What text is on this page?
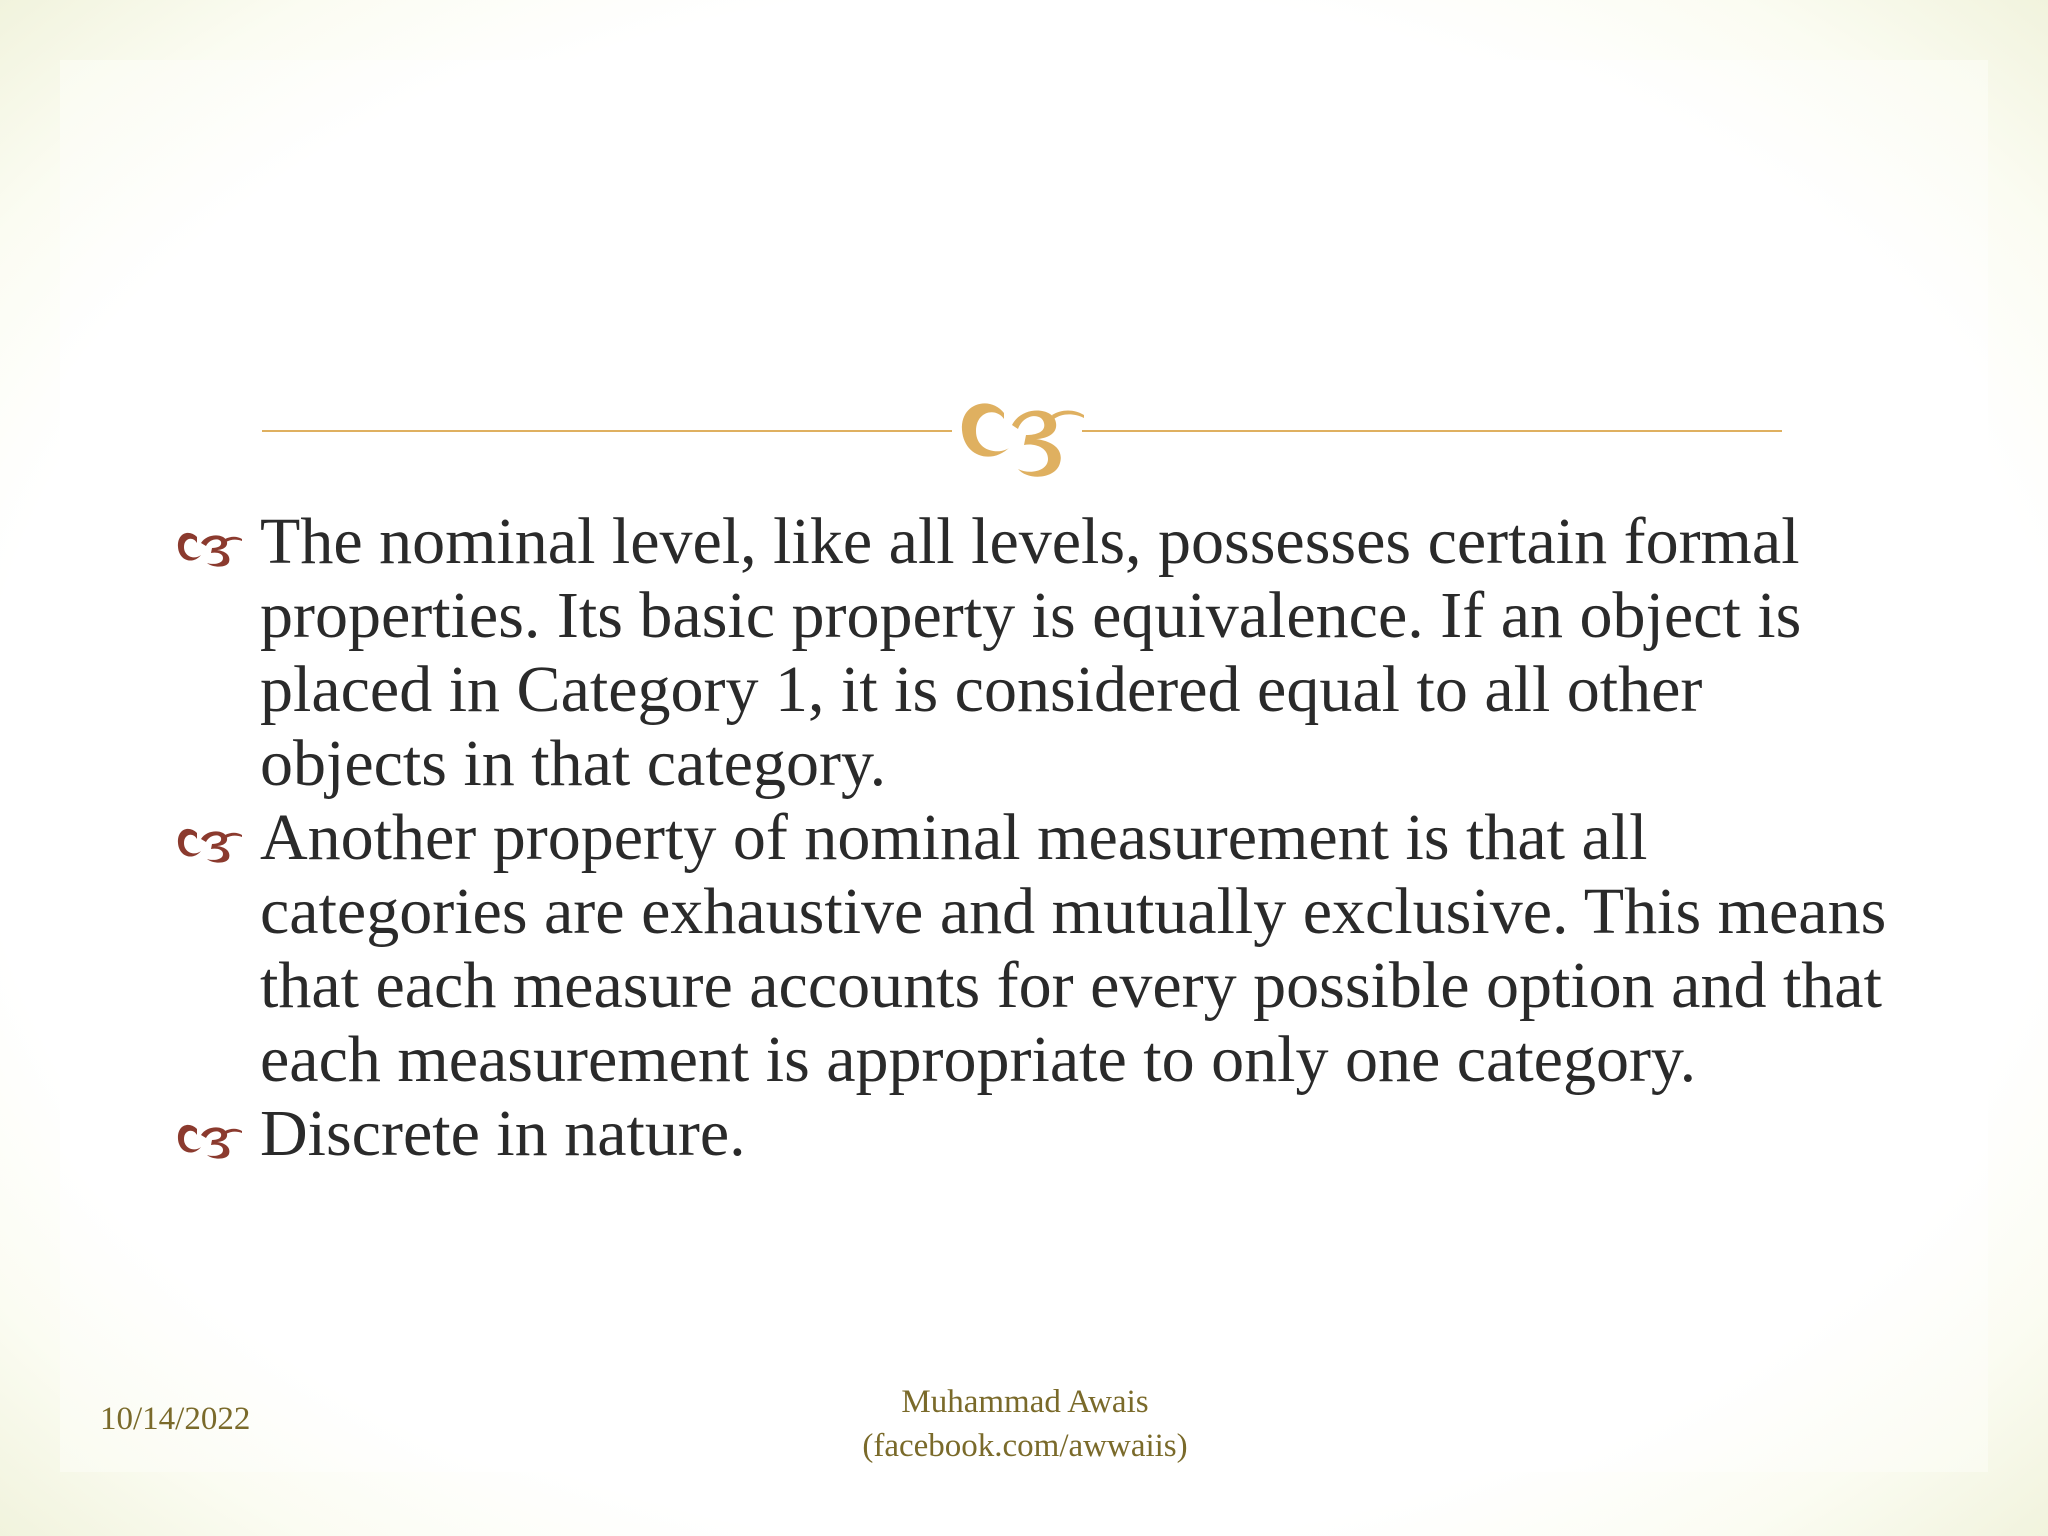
The nominal level, like all levels, possesses certain formal properties. Its basic property is equivalence. If an object is placed in Category 1, it is considered equal to all other objects in that category.
Another property of nominal measurement is that all categories are exhaustive and mutually exclusive. This means that each measure accounts for every possible option and that each measurement is appropriate to only one category.
Discrete in nature.
10/14/2022	Muhammad Awais
(facebook.com/awwaiis)
